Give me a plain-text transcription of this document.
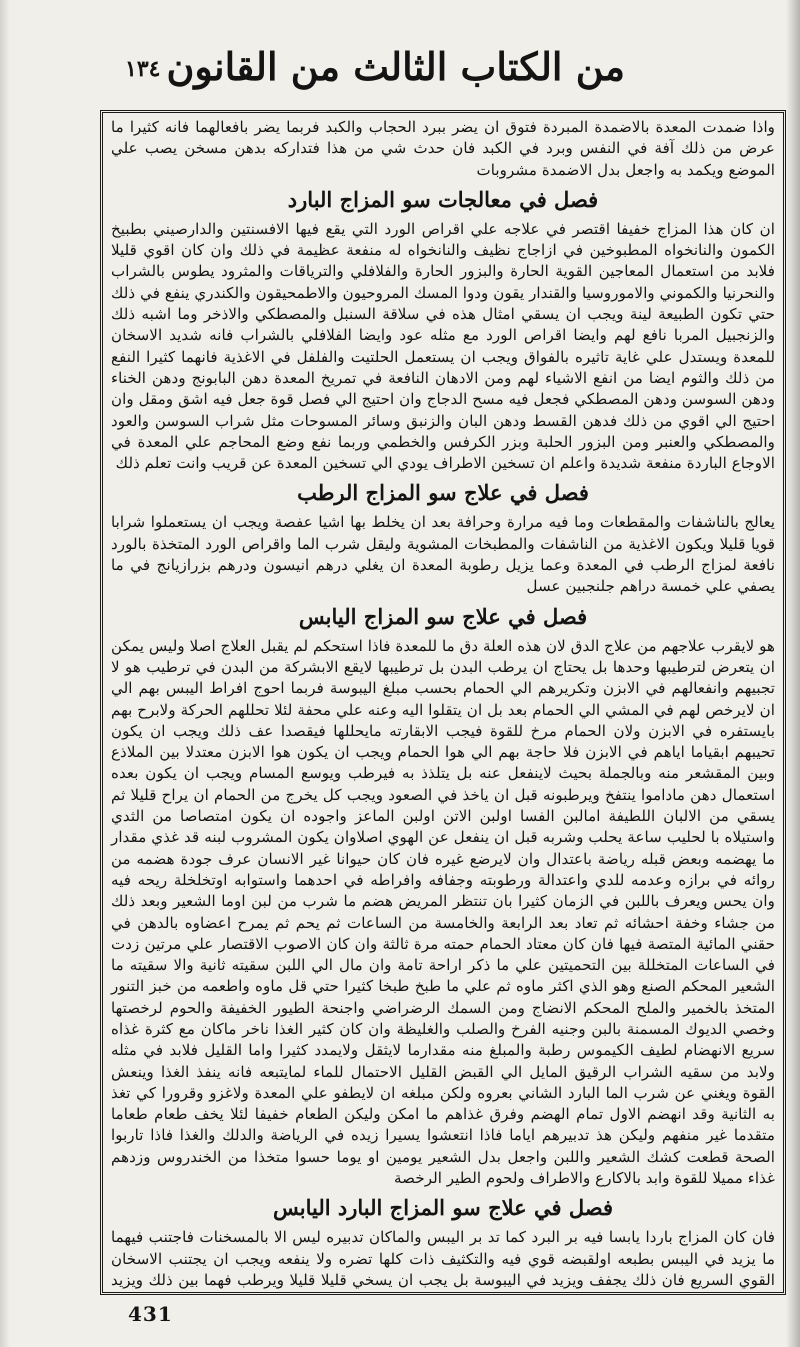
١٣٤ من الكتاب الثالث من القانون

واذا ضمدت المعدة بالاضمدة المبردة فتوق ان يضر ببرد الحجاب والكبد فربما يضر بافعالهما فانه كثيرا ما عرض من ذلك آفة في النفس وبرد في الكبد فان حدث شي من هذا فتداركه بدهن مسخن يصب علي الموضع ويكمد به واجعل بدل الاضمدة مشروبات

فصل في معالجات سو المزاج البارد

ان كان هذا المزاج خفيفا اقتصر في علاجه علي اقراص الورد التي يقع فيها الافسنتين والدارصيني بطبيخ الكمون والنانخواه المطبوخين في ازاجاج نظيف والنانخواه له منفعة عظيمة في ذلك وان كان اقوي قليلا فلابد من استعمال المعاجين القوية الحارة والبزور الحارة والفلافلي والترياقات والمثرود يطوس بالشراب والنحرنيا والكموني والاموروسيا والقندار يقون ودوا المسك المروحيون والاطمحيقون والكندري ينفع في ذلك حتي تكون الطبيعة لينة ويجب ان يسقي امثال هذه في سلاقة السنبل والمصطكي والاذخر وما اشبه ذلك والزنجبيل المربا نافع لهم وايضا اقراص الورد مع مثله عود وايضا الفلافلي بالشراب فانه شديد الاسخان للمعدة ويستدل علي غاية تاثيره بالفواق ويجب ان يستعمل الحلتيت والفلفل في الاغذية فانهما كثيرا النفع من ذلك والثوم ايضا من انفع الاشياء لهم ومن الادهان النافعة في تمريخ المعدة دهن البابونج ودهن الخناء ودهن السوسن ودهن المصطكي فجعل فيه مسح الدجاج وان احتيج الي فصل قوة جعل فيه اشق ومقل وان احتيج الي اقوي من ذلك فدهن القسط ودهن البان والزنبق وسائر المسوحات مثل شراب السوسن والعود والمصطكي والعنبر ومن البزور الحلبة وبزر الكرفس والخطمي وربما نفع وضع المحاجم علي المعدة في الاوجاع الباردة منفعة شديدة واعلم ان تسخين الاطراف يودي الي تسخين المعدة عن قريب وانت تعلم ذلك

فصل في علاج سو المزاج الرطب

يعالج بالناشفات والمقطعات وما فيه مرارة وحرافة بعد ان يخلط بها اشيا عفصة ويجب ان يستعملوا شرابا قويا قليلا ويكون الاغذية من الناشفات والمطبخات المشوية وليقل شرب الما واقراص الورد المتخذة بالورد نافعة لمزاج الرطب في المعدة وعما يزيل رطوبة المعدة ان يغلي درهم انيسون ودرهم بزرازيانج في ما يصفي علي خمسة دراهم جلنجبين عسل

فصل في علاج سو المزاج اليابس

هو لايقرب علاجهم من علاج الدق لان هذه العلة دق ما للمعدة فاذا استحكم لم يقبل العلاج اصلا وليس يمكن ان يتعرض لترطيبها وحدها بل يحتاج ان يرطب البدن بل ترطيبها لايقع الابشركة من البدن في ترطيب هو لا تجبيهم وانفعالهم في الابزن وتكريرهم الي الحمام بحسب مبلغ اليبوسة فربما احوج افراط اليبس بهم الي ان لايرخص لهم في المشي الي الحمام بعد بل ان يتقلوا اليه وعنه علي محفة لئلا تحللهم الحركة ولابرح بهم بايستفره في الابزن ولان الحمام مرخ للقوة فيجب الابقارته مايحللها فيقصدا عف ذلك ويجب ان يكون تحيبهم ابقياما اياهم في الابزن فلا حاجة بهم الي هوا الحمام ويجب ان يكون هوا الابزن معتدلا بين الملاذع وبين المقشعر منه وبالجملة بحيث لاينفعل عنه بل يتلذذ به فيرطب ويوسع المسام ويجب ان يكون بعده استعمال دهن ماداموا ينتفخ ويرطبونه قبل ان ياخذ في الصعود ويجب كل يخرج من الحمام ان يراح قليلا ثم يسقي من الالبان اللطيفة امالبن الفسا اولبن الاتن اولبن الماعز واجوده ان يكون امتصاصا من الثدي واستيلاه با لحليب ساعة يحلب وشربه قبل ان ينفعل عن الهوي اصلاوان يكون المشروب لبنه قد غذي مقدار ما يهضمه وبعض قبله رياضة باعتدال وان لايرضع غيره فان كان حيوانا غير الانسان عرف جودة هضمه من روائه في برازه وعدمه للدي واعتدالة ورطوبته وجفافه وافراطه في احدهما واستوابه اوتخلخلة ريحه فيه وان يحس ويعرف باللبن في الزمان كثيرا بان تنتظر المريض هضم ما شرب من لبن اوما الشعير وبعد ذلك من جشاء وخفة احشائه ثم تعاد بعد الرابعة والخامسة من الساعات ثم يحم ثم يمرح اعضاوه بالدهن في حقني المائية المتصة فيها فان كان معتاد الحمام حمته مرة ثالثة وان كان الاصوب الاقتصار علي مرتين زدت في الساعات المتخللة بين التحميتين علي ما ذكر اراحة تامة وان مال الي اللبن سقيته ثانية والا سقيته ما الشعير المحكم الصنع وهو الذي اكثر ماوه ثم علي ما طبخ طبخا كثيرا حتي قل ماوه واطعمه من خبز التنور المتخذ بالخمير والملح المحكم الانضاج ومن السمك الرضراضي واجنحة الطيور الخفيفة والحوم لرخصتها وخصي الديوك المسمنة بالبن وجنيه الفرخ والصلب والغليظة وان كان كثير الغذا ناخر ماكان مع كثرة غذاه سريع الانهضام لطيف الكيموس رطبة والمبلغ منه مقدارما لايثقل ولايمدد كثيرا واما القليل فلابد في مثله ولابد من سقيه الشراب الرقيق المايل الي القبض القليل الاحتمال للماء لمايتبعه فانه ينفذ الغذا وينعش القوة ويغني عن شرب الما البارد الشاني بعروه ولكن مبلغه ان لايطفو علي المعدة ولاغزو وقرورا كي تغذ به الثانية وقد انهضم الاول تمام الهضم وفرق غذاهم ما امكن وليكن الطعام خفيفا لئلا يخف طعام طعاما متقدما غير منفهم وليكن هذ تدبيرهم اياما فاذا انتعشوا يسيرا زيده في الرياضة والدلك والغذا فاذا تاربوا الصحة قطعت كشك الشعير واللبن واجعل بدل الشعير يومين او يوما حسوا متخذا من الخندروس وزدهم غذاء مميلا للقوة وابد بالاكارع والاطراف ولحوم الطير الرخصة

فصل في علاج سو المزاج البارد اليابس

فان كان المزاج باردا يابسا فيه بر البرد كما تد بر اليبس والماكان تدبيره ليس الا بالمسخنات فاجتنب فيهما ما يزيد في اليبس بطبعه اولقبضه قوي فيه والتكثيف ذات كلها تضره ولا ينفعه ويجب ان يجتنب الاسخان القوي السريع فان ذلك يجفف ويزيد في اليبوسة بل يجب ان يسخي قليلا قليلا ويرطب فهما بين ذلك ويزيد

431
